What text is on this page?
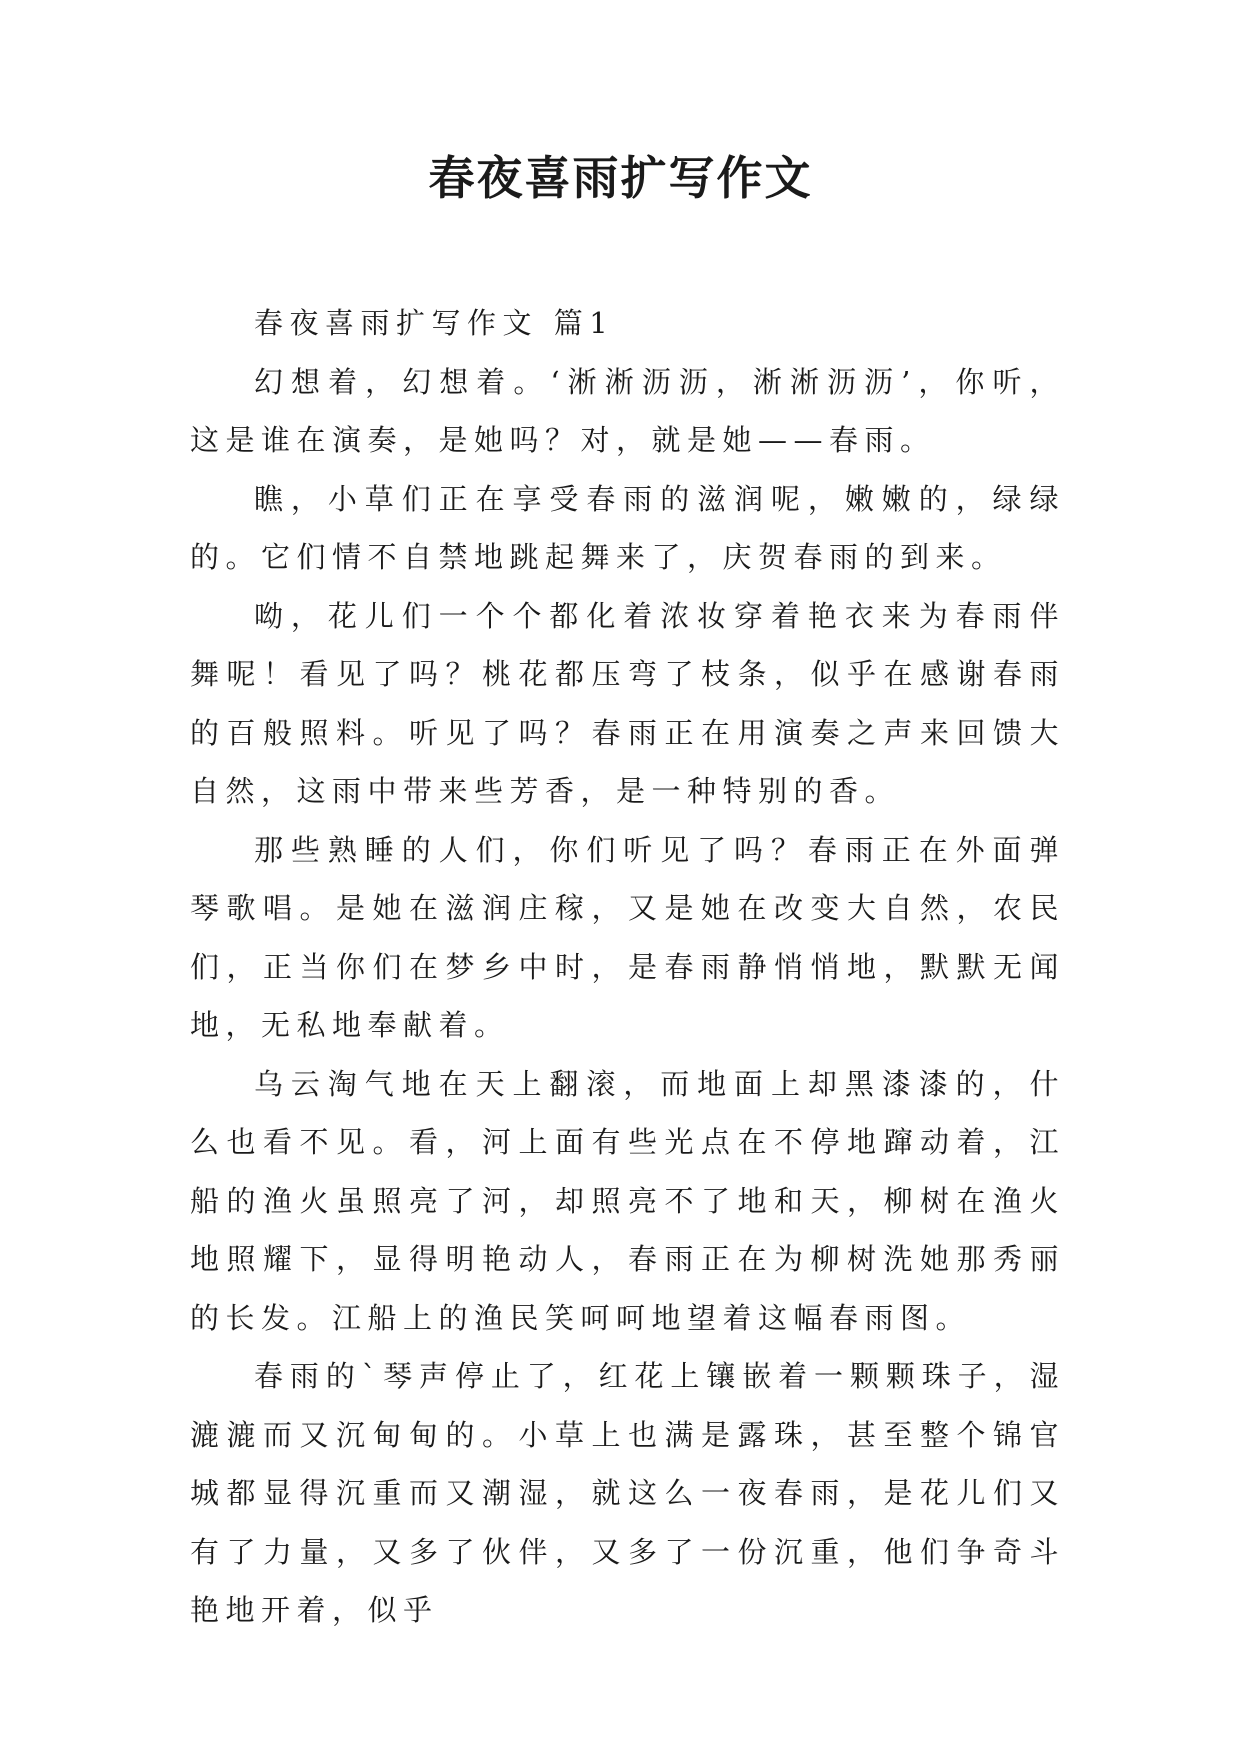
春夜喜雨扩写作文

春夜喜雨扩写作文 篇1

幻想着，幻想着。‘淅淅沥沥，淅淅沥沥’，你听，这是谁在演奏，是她吗？对，就是她——春雨。

瞧，小草们正在享受春雨的滋润呢，嫩嫩的，绿绿的。它们情不自禁地跳起舞来了，庆贺春雨的到来。

呦，花儿们一个个都化着浓妆穿着艳衣来为春雨伴舞呢！看见了吗？桃花都压弯了枝条，似乎在感谢春雨的百般照料。听见了吗？春雨正在用演奏之声来回馈大自然，这雨中带来些芳香，是一种特别的香。

那些熟睡的人们，你们听见了吗？春雨正在外面弹琴歌唱。是她在滋润庄稼，又是她在改变大自然，农民们，正当你们在梦乡中时，是春雨静悄悄地，默默无闻地，无私地奉献着。

乌云淘气地在天上翻滚，而地面上却黑漆漆的，什么也看不见。看，河上面有些光点在不停地蹿动着，江船的渔火虽照亮了河，却照亮不了地和天，柳树在渔火地照耀下，显得明艳动人，春雨正在为柳树洗她那秀丽的长发。江船上的渔民笑呵呵地望着这幅春雨图。

春雨的`琴声停止了，红花上镶嵌着一颗颗珠子，湿漉漉而又沉甸甸的。小草上也满是露珠，甚至整个锦官城都显得沉重而又潮湿，就这么一夜春雨，是花儿们又有了力量，又多了伙伴，又多了一份沉重，他们争奇斗艳地开着，似乎
